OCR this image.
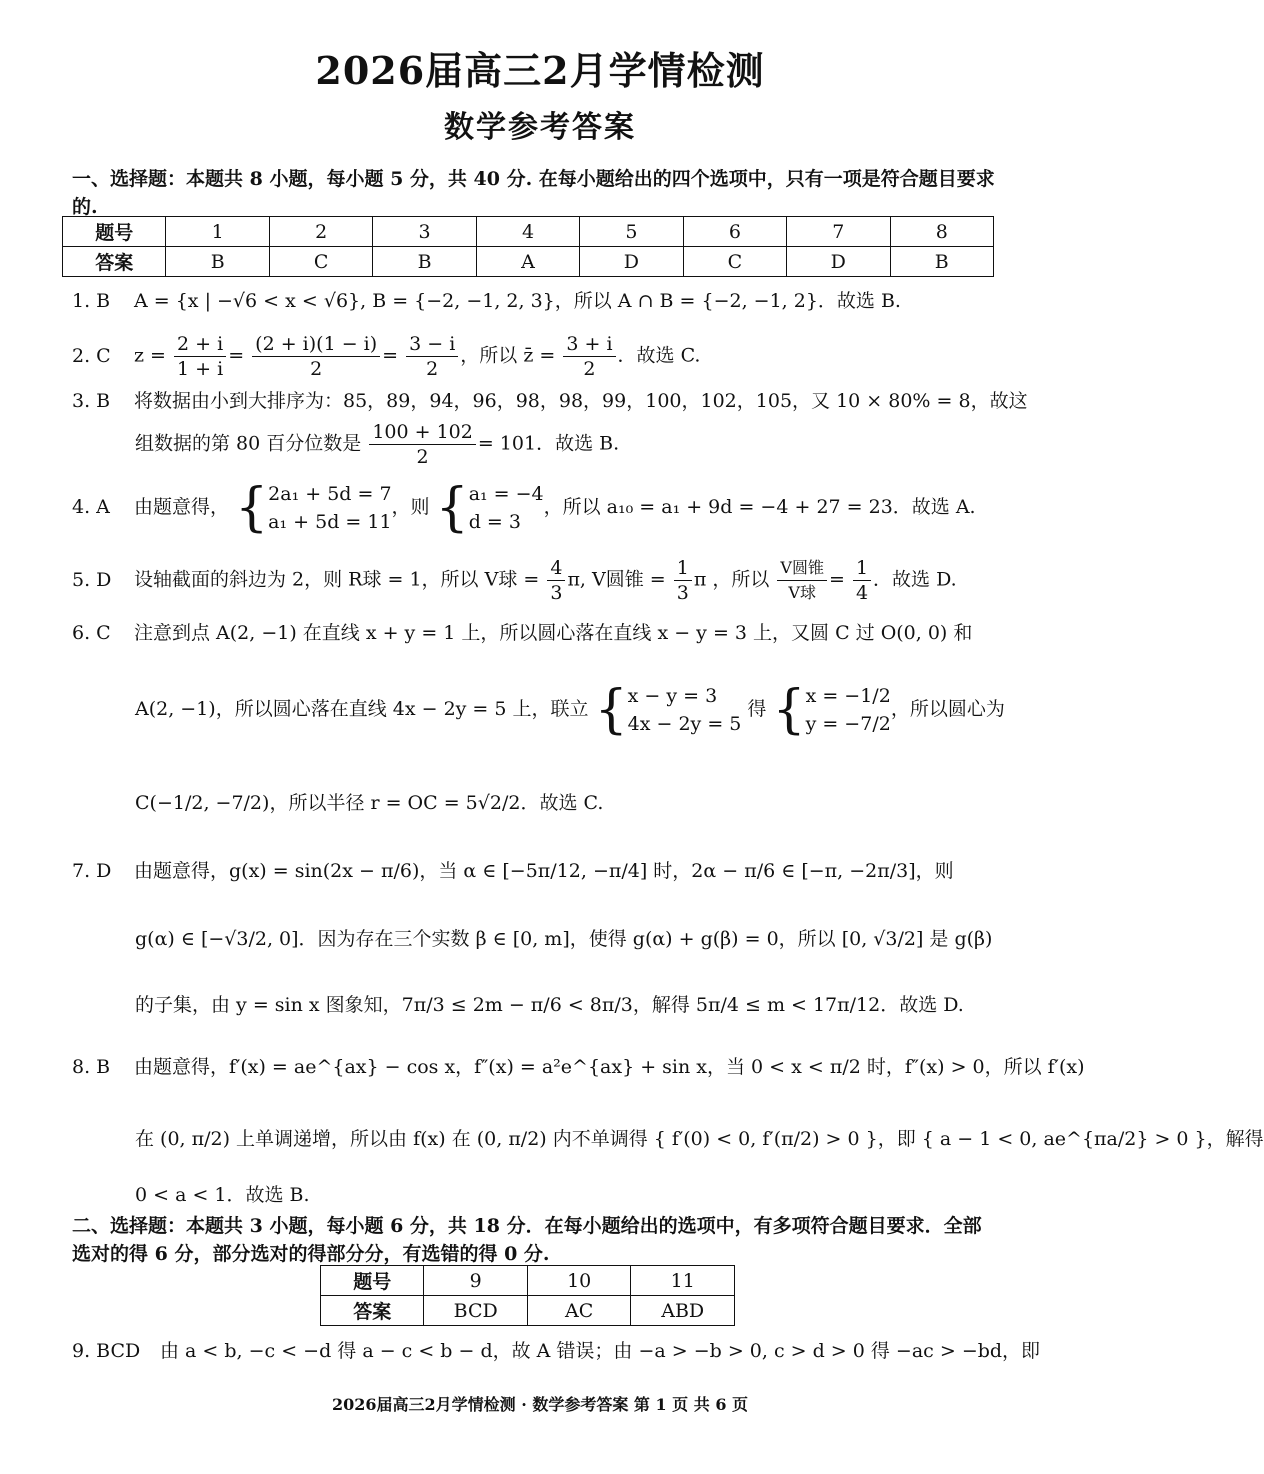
2026届高三2月学情检测
数学参考答案
一、选择题：本题共 8 小题，每小题 5 分，共 40 分. 在每小题给出的四个选项中，只有一项是符合题目要求的.
题号	1	2	3	4	5	6	7	8
答案	B	C	B	A	D	C	D	B
1. B A = {x | −√6 < x < √6}, B = {−2, −1, 2, 3}，所以 A ∩ B = {−2, −1, 2}．故选 B.
2. C $z = \frac{2 + i}{1 + i} = \frac{(2 + i)(1 - i)}{2} = \frac{3 - i}{2}$ ，所以 z̄ = $\frac{3 + i}{2}$ ．故选 C.
3. B 将数据由小到大排序为：85，89，94，96，98，98，99，100，102，105，又 10 × 80% = 8，故这
组数据的第 80 百分位数是 $\frac{100 + 102}{2} = 101$．故选 B.
4. A 由题意得， { 2a₁ + 5d = 7
a₁ + 5d = 11
，则 { a₁ = −4
d = 3
，所以 a₁₀ = a₁ + 9d = −4 + 27 = 23．故选 A.
5. D 设轴截面的斜边为 2，则 R球 = 1，所以 V球 = $\frac{4}{3} \pi$, V圆锥 = $\frac{1}{3}$ π ，所以 $\frac{\text{V圆锥}}{\text{V球}} = \frac{1}{4}$ ．故选 D.
6. C 注意到点 A(2, −1) 在直线 x + y = 1 上，所以圆心落在直线 x − y = 3 上，又圆 C 过 O(0, 0) 和
A(2, −1)，所以圆心落在直线 4x − 2y = 5 上，联立 { x − y = 3
4x − 2y = 5
得 { x = −1/2
y = −7/2
，所以圆心为
C(−1/2, −7/2)，所以半径 r = OC = 5√2/2．故选 C.
7. D 由题意得，g(x) = sin(2x − π/6)，当 α ∈ [−5π/12, −π/4] 时，2α − π/6 ∈ [−π, −2π/3]，则
g(α) ∈ [−√3/2, 0]．因为存在三个实数 β ∈ [0, m]，使得 g(α) + g(β) = 0，所以 [0, √3/2] 是 g(β)
的子集，由 y = sin x 图象知，7π/3 ≤ 2m − π/6 < 8π/3，解得 5π/4 ≤ m < 17π/12．故选 D.
8. B 由题意得，f′(x) = ae^{ax} − cos x，f″(x) = a²e^{ax} + sin x，当 0 < x < π/2 时，f″(x) > 0，所以 f′(x)
在 (0, π/2) 上单调递增，所以由 f(x) 在 (0, π/2) 内不单调得 { f′(0) < 0, f′(π/2) > 0 }，即 { a − 1 < 0, ae^{πa/2} > 0 }，解得
0 < a < 1．故选 B.
二、选择题：本题共 3 小题，每小题 6 分，共 18 分．在每小题给出的选项中，有多项符合题目要求．全部选对的得 6 分，部分选对的得部分分，有选错的得 0 分.
题号	9	10	11
答案	BCD	AC	ABD
9. BCD 由 a < b, −c < −d 得 a − c < b − d，故 A 错误；由 −a > −b > 0, c > d > 0 得 −ac > −bd，即
2026届高三2月学情检测 · 数学参考答案 第 1 页 共 6 页
